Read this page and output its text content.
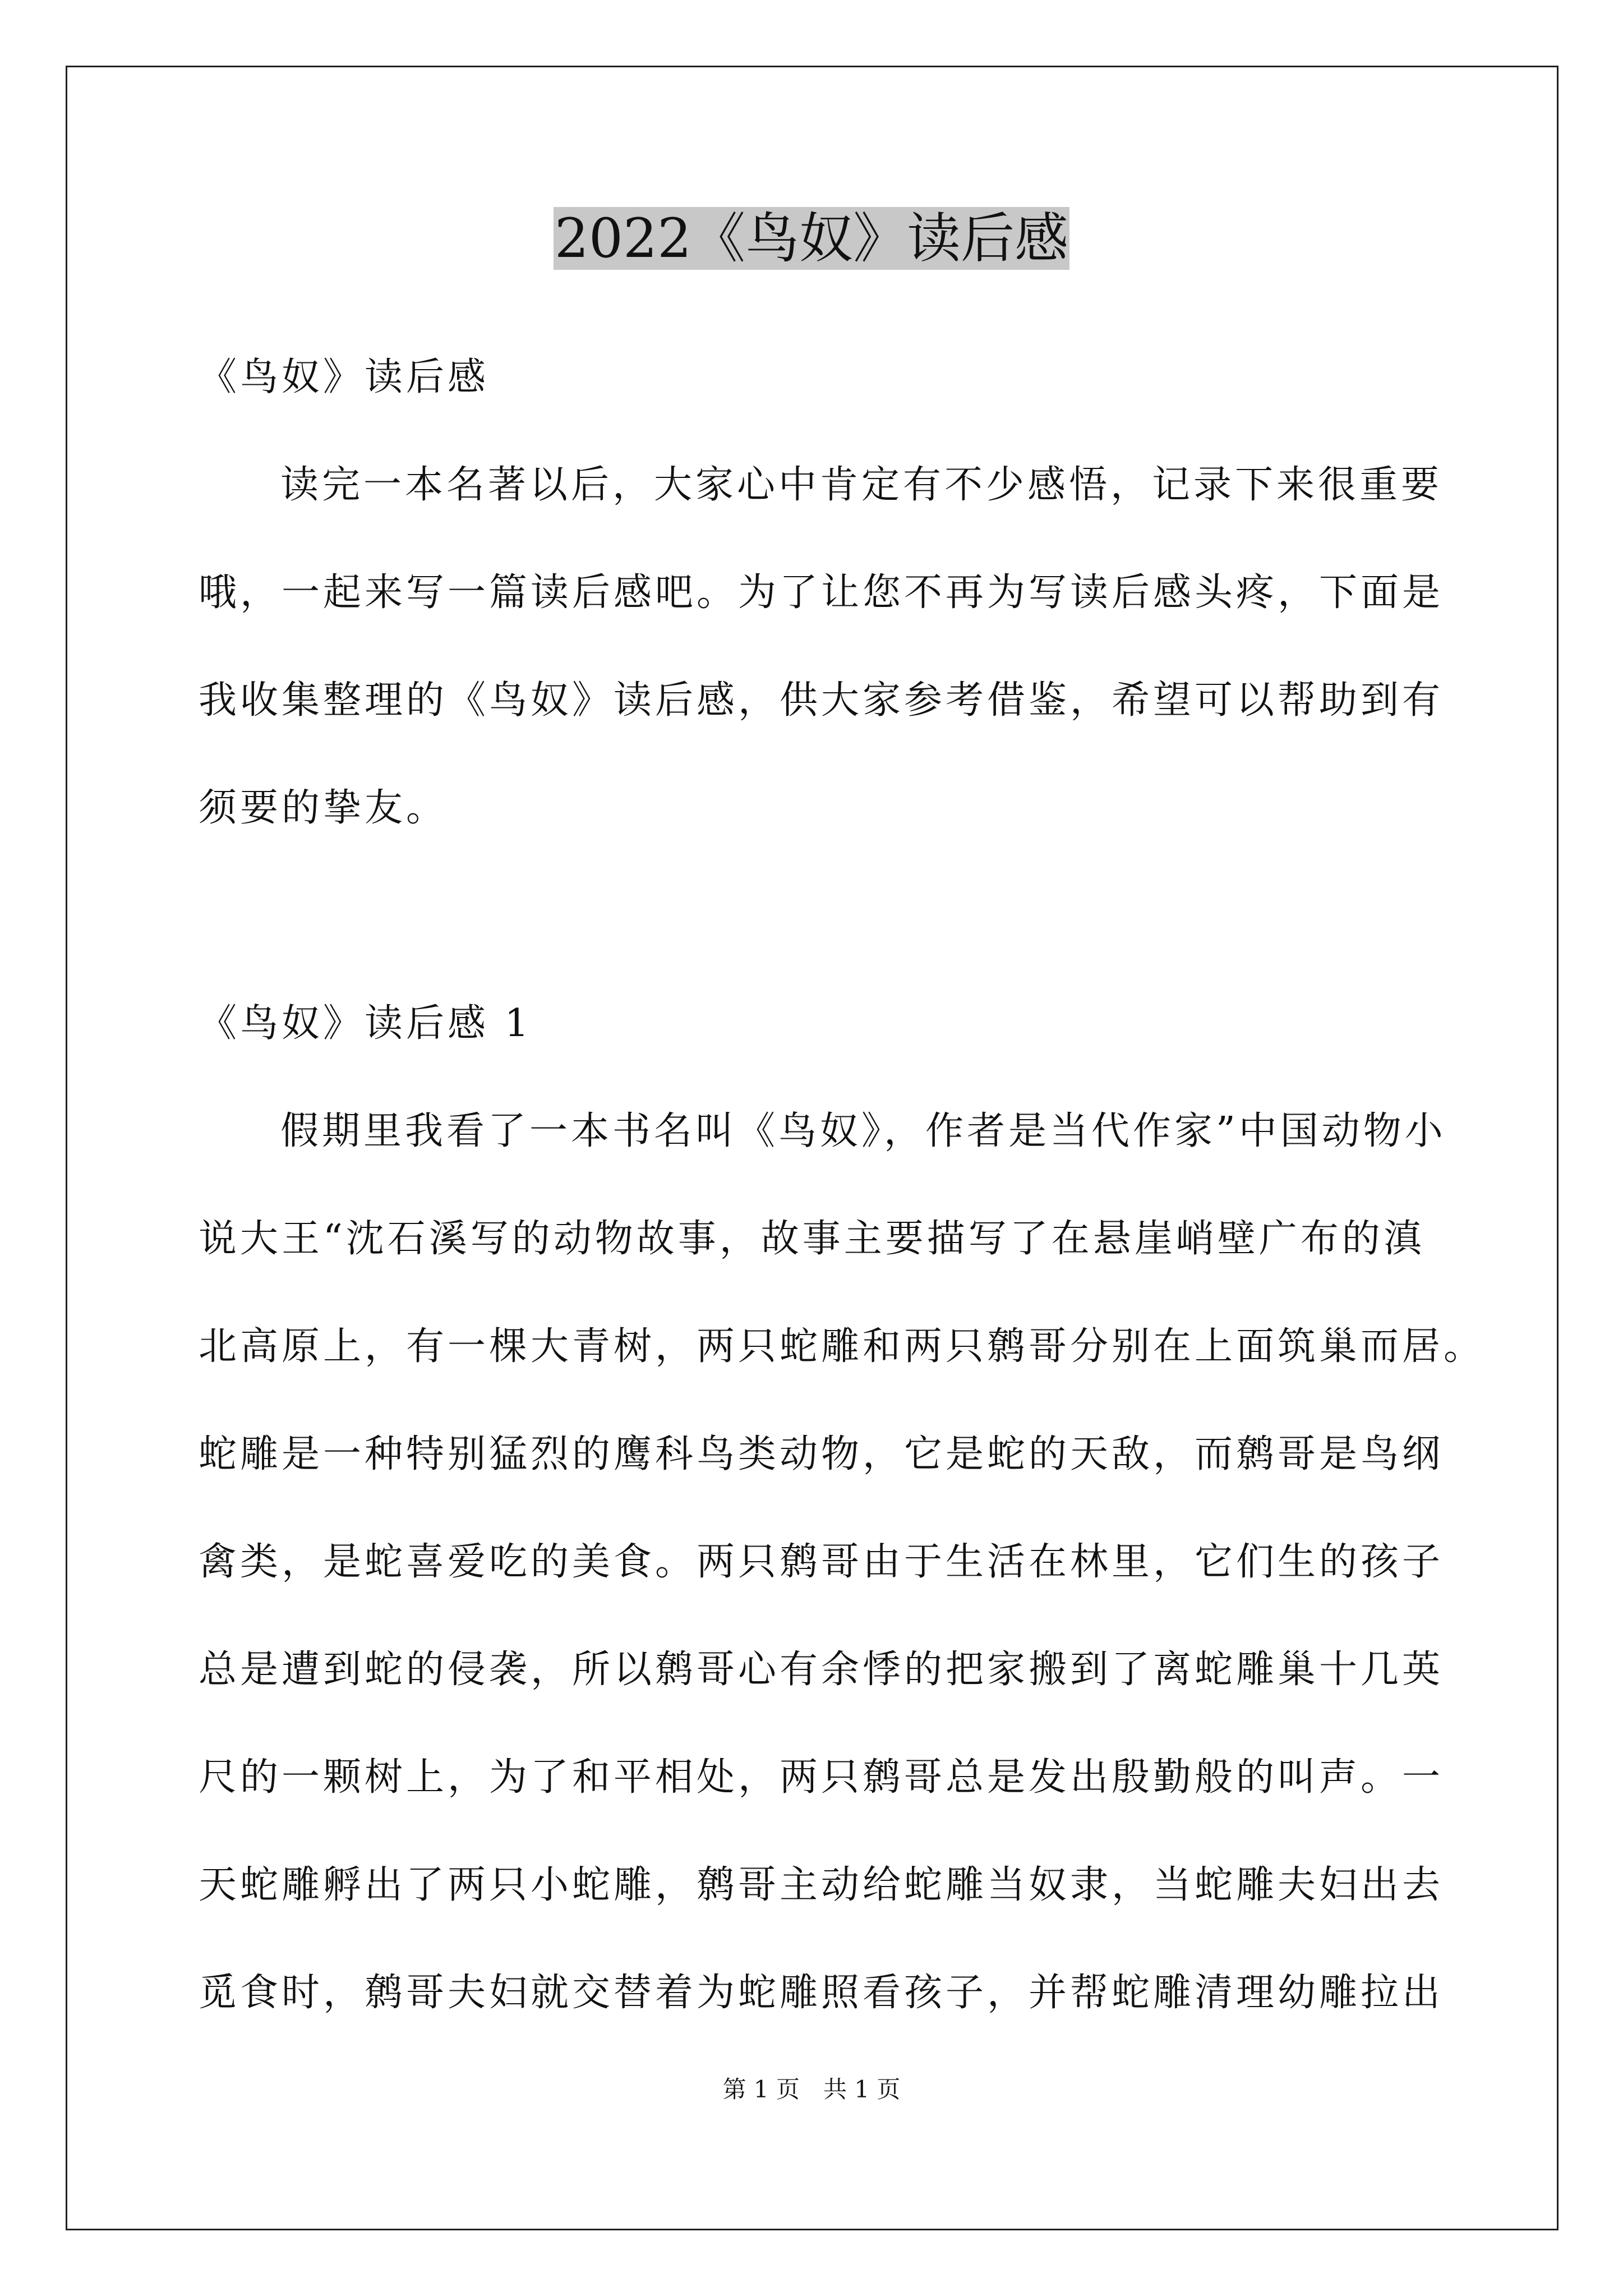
2022《鸟奴》读后感
《鸟奴》读后感
读完一本名著以后，大家心中肯定有不少感悟，记录下来很重要
哦，一起来写一篇读后感吧。为了让您不再为写读后感头疼，下面是
我收集整理的《鸟奴》读后感，供大家参考借鉴，希望可以帮助到有
须要的挚友。
《鸟奴》读后感 1
假期里我看了一本书名叫《鸟奴》，作者是当代作家”中国动物小
说大王“沈石溪写的动物故事，故事主要描写了在悬崖峭壁广布的滇
北高原上，有一棵大青树，两只蛇雕和两只鹩哥分别在上面筑巢而居。
蛇雕是一种特别猛烈的鹰科鸟类动物，它是蛇的天敌，而鹩哥是鸟纲
禽类，是蛇喜爱吃的美食。两只鹩哥由于生活在林里，它们生的孩子
总是遭到蛇的侵袭，所以鹩哥心有余悸的把家搬到了离蛇雕巢十几英
尺的一颗树上，为了和平相处，两只鹩哥总是发出殷勤般的叫声。一
天蛇雕孵出了两只小蛇雕，鹩哥主动给蛇雕当奴隶，当蛇雕夫妇出去
觅食时，鹩哥夫妇就交替着为蛇雕照看孩子，并帮蛇雕清理幼雕拉出
第 1 页　共 1 页
